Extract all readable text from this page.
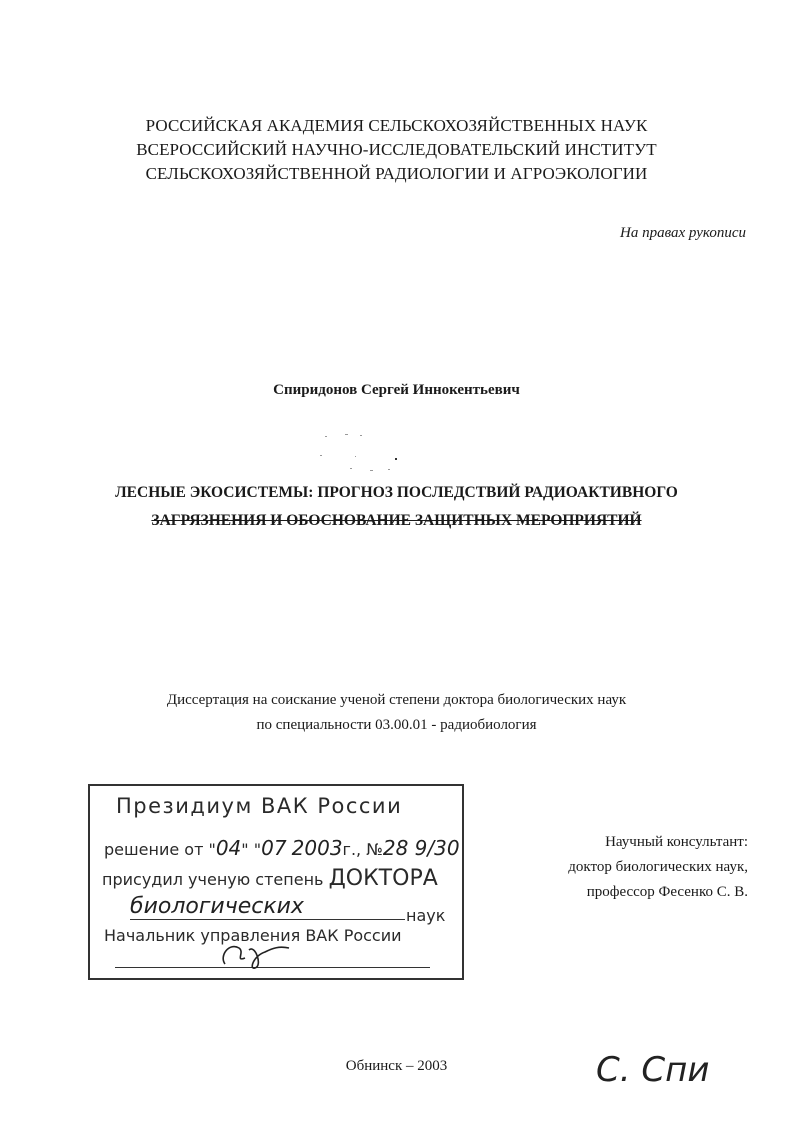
РОССИЙСКАЯ АКАДЕМИЯ СЕЛЬСКОХОЗЯЙСТВЕННЫХ НАУК
ВСЕРОССИЙСКИЙ НАУЧНО-ИССЛЕДОВАТЕЛЬСКИЙ ИНСТИТУТ
СЕЛЬСКОХОЗЯЙСТВЕННОЙ РАДИОЛОГИИ И АГРОЭКОЛОГИИ
На правах рукописи
Спиридонов Сергей Иннокентьевич
ЛЕСНЫЕ ЭКОСИСТЕМЫ: ПРОГНОЗ ПОСЛЕДСТВИЙ РАДИОАКТИВНОГО
ЗАГРЯЗНЕНИЯ И ОБОСНОВАНИЕ ЗАЩИТНЫХ МЕРОПРИЯТИЙ
Диссертация на соискание ученой степени доктора биологических наук
по специальности 03.00.01 - радиобиология
Президиум ВАК России
решение от "04" "07 2003г., №28 9/30
присудил ученую степень ДОКТОРА
биологических	наук
Начальник управления ВАК России
Научный консультант:
доктор биологических наук,
профессор Фесенко С. В.
Обнинск – 2003	С. Спи
